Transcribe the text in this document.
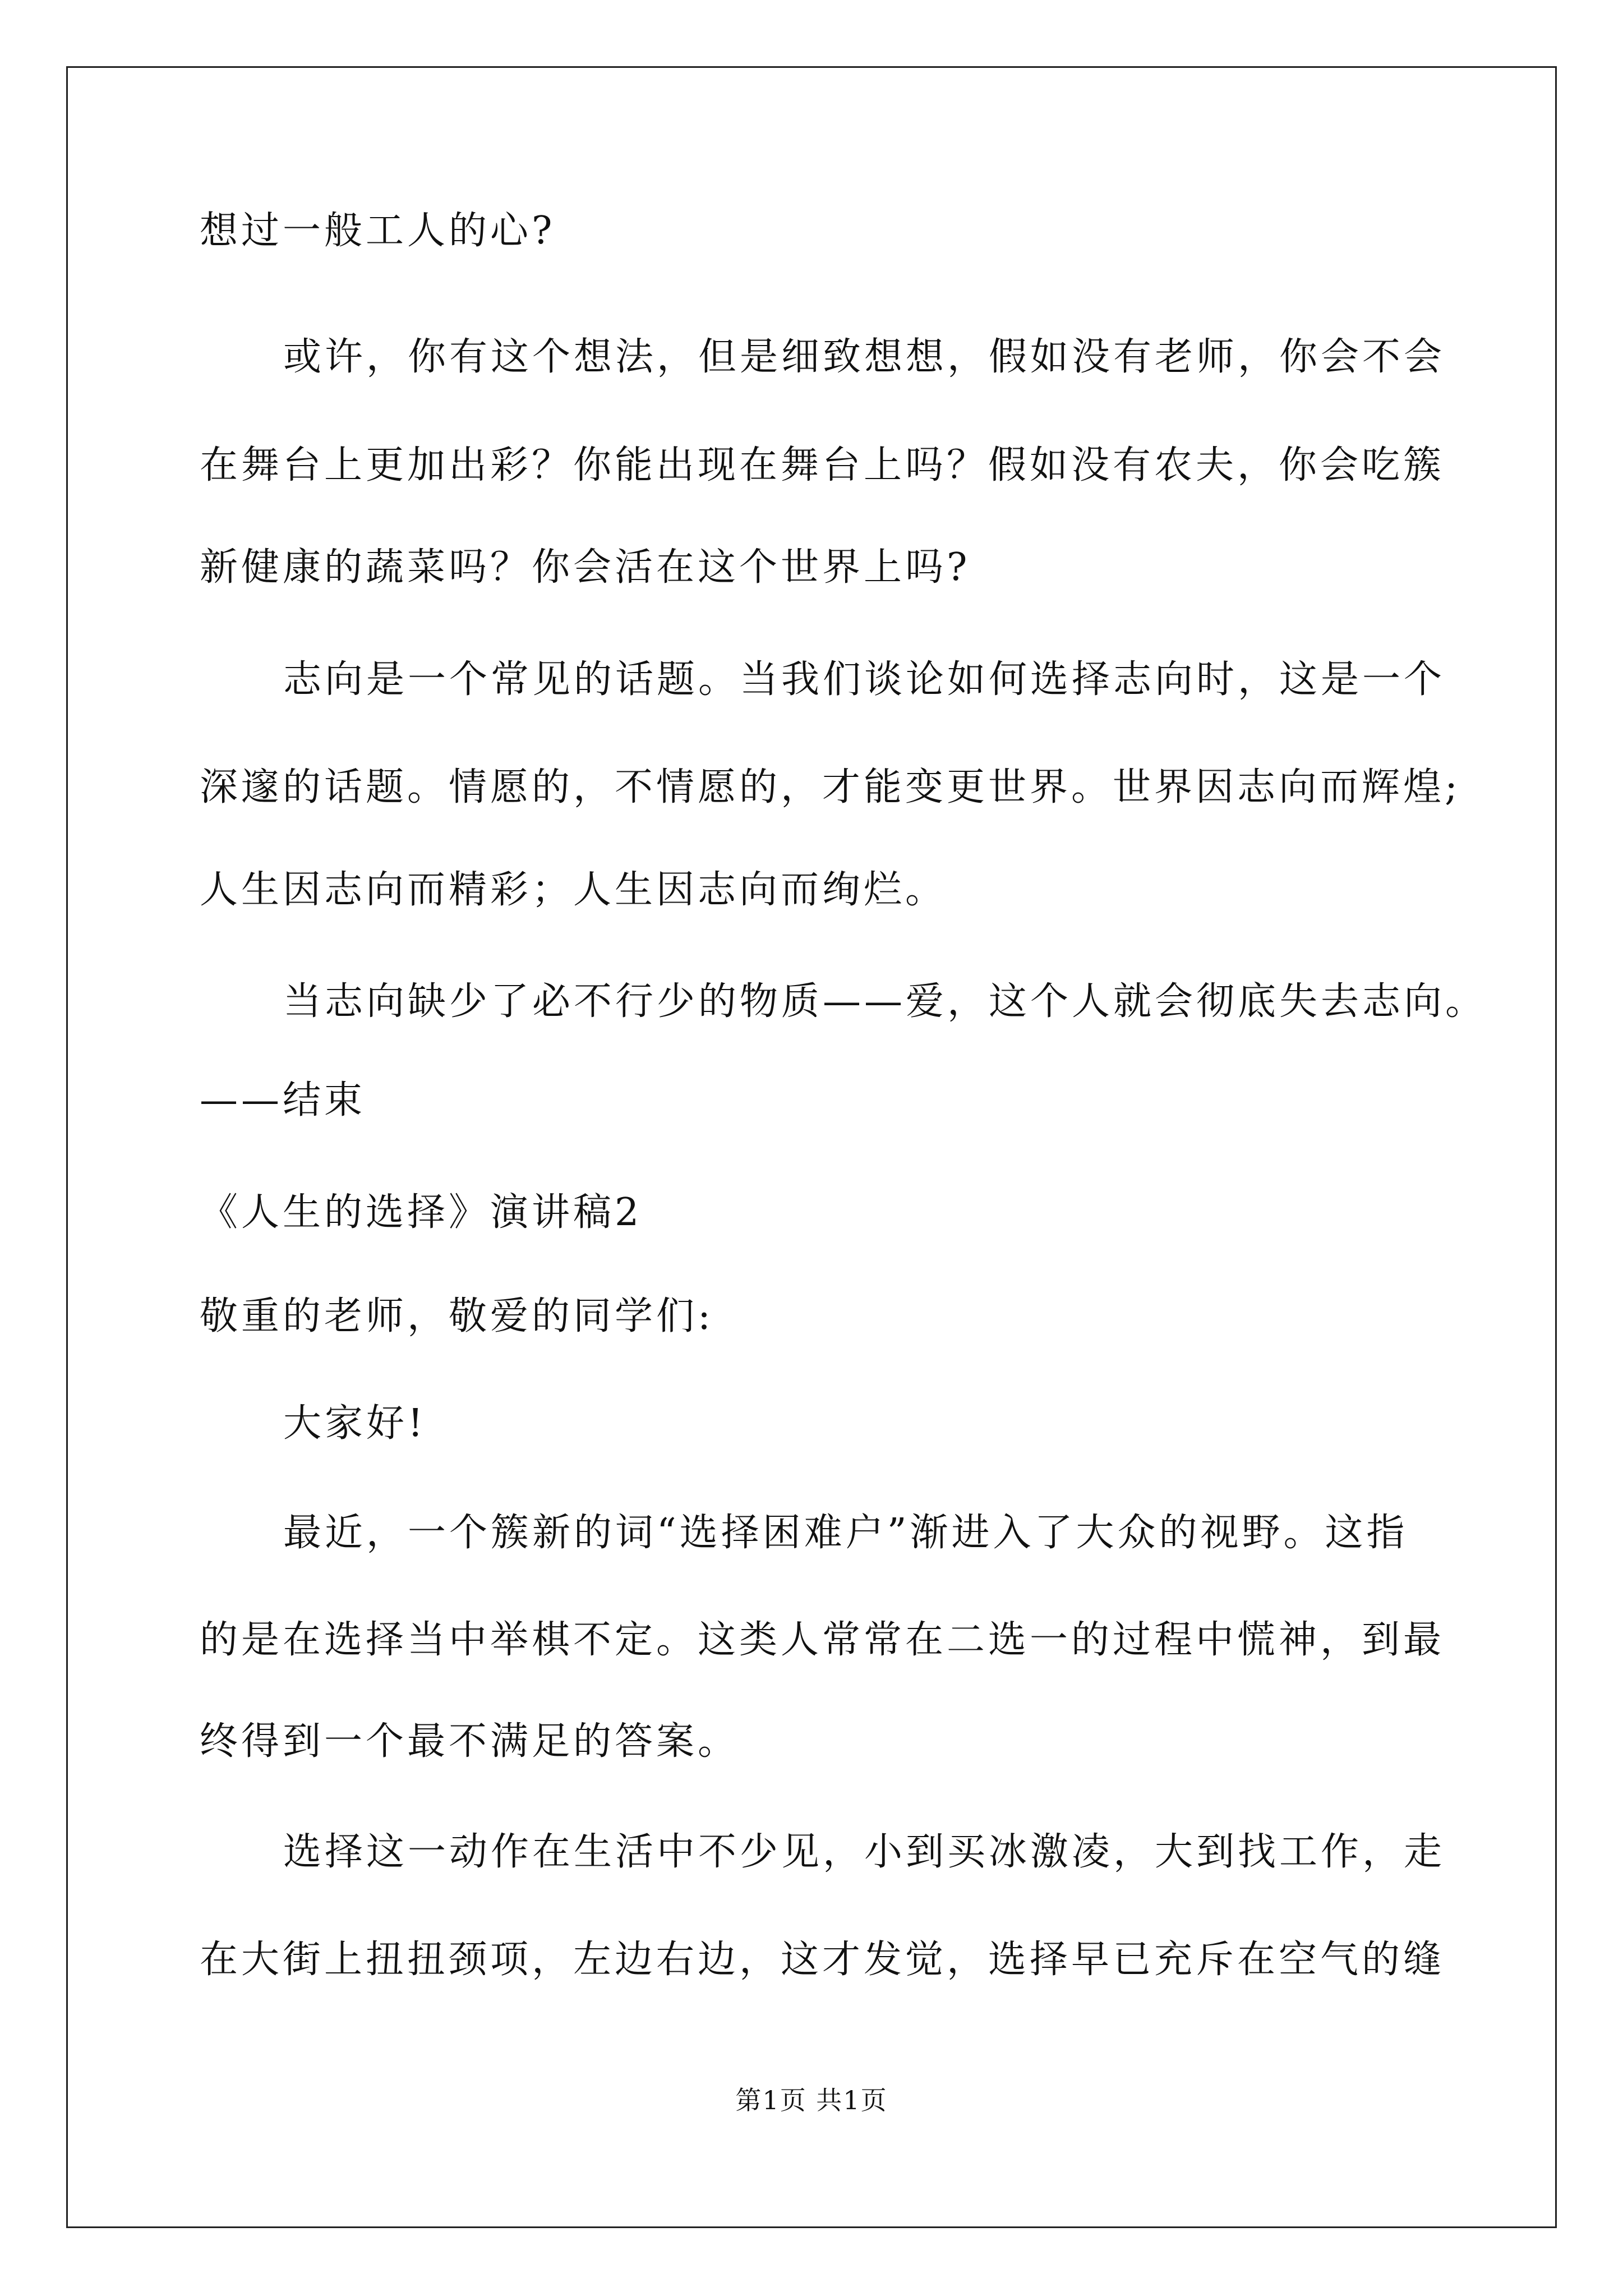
想过一般工人的心?
或许，你有这个想法，但是细致想想，假如没有老师，你会不会
在舞台上更加出彩？你能出现在舞台上吗？假如没有农夫，你会吃簇
新健康的蔬菜吗？你会活在这个世界上吗?
志向是一个常见的话题。当我们谈论如何选择志向时，这是一个
深邃的话题。情愿的，不情愿的，才能变更世界。世界因志向而辉煌;
人生因志向而精彩；人生因志向而绚烂。
当志向缺少了必不行少的物质——爱，这个人就会彻底失去志向。
——结束
《人生的选择》演讲稿2
敬重的老师，敬爱的同学们:
大家好!
最近，一个簇新的词“选择困难户”渐进入了大众的视野。这指
的是在选择当中举棋不定。这类人常常在二选一的过程中慌神，到最
终得到一个最不满足的答案。
选择这一动作在生活中不少见，小到买冰激凌，大到找工作，走
在大街上扭扭颈项，左边右边，这才发觉，选择早已充斥在空气的缝
第1页 共1页
